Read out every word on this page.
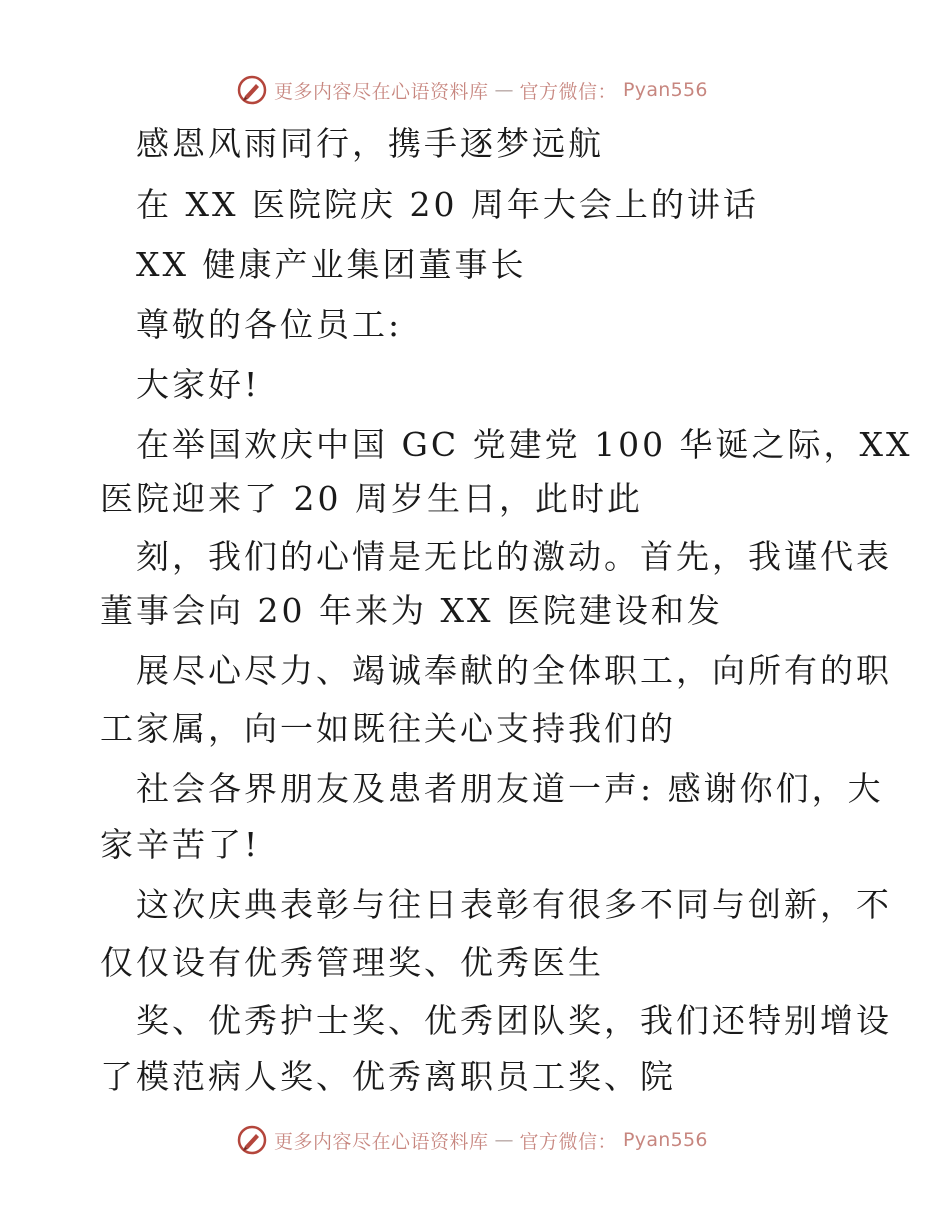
更多内容尽在心语资料库 — 官方微信： Pyan556
感恩风雨同行，携手逐梦远航
在 XX 医院院庆 20 周年大会上的讲话
XX 健康产业集团董事长
尊敬的各位员工:
大家好!
在举国欢庆中国 GC 党建党 100 华诞之际，XX
医院迎来了 20 周岁生日，此时此
刻，我们的心情是无比的激动。首先，我谨代表
董事会向 20 年来为 XX 医院建设和发
展尽心尽力、竭诚奉献的全体职工，向所有的职
工家属，向一如既往关心支持我们的
社会各界朋友及患者朋友道一声: 感谢你们，大
家辛苦了!
这次庆典表彰与往日表彰有很多不同与创新，不
仅仅设有优秀管理奖、优秀医生
奖、优秀护士奖、优秀团队奖，我们还特别增设
了模范病人奖、优秀离职员工奖、院
更多内容尽在心语资料库 — 官方微信： Pyan556
